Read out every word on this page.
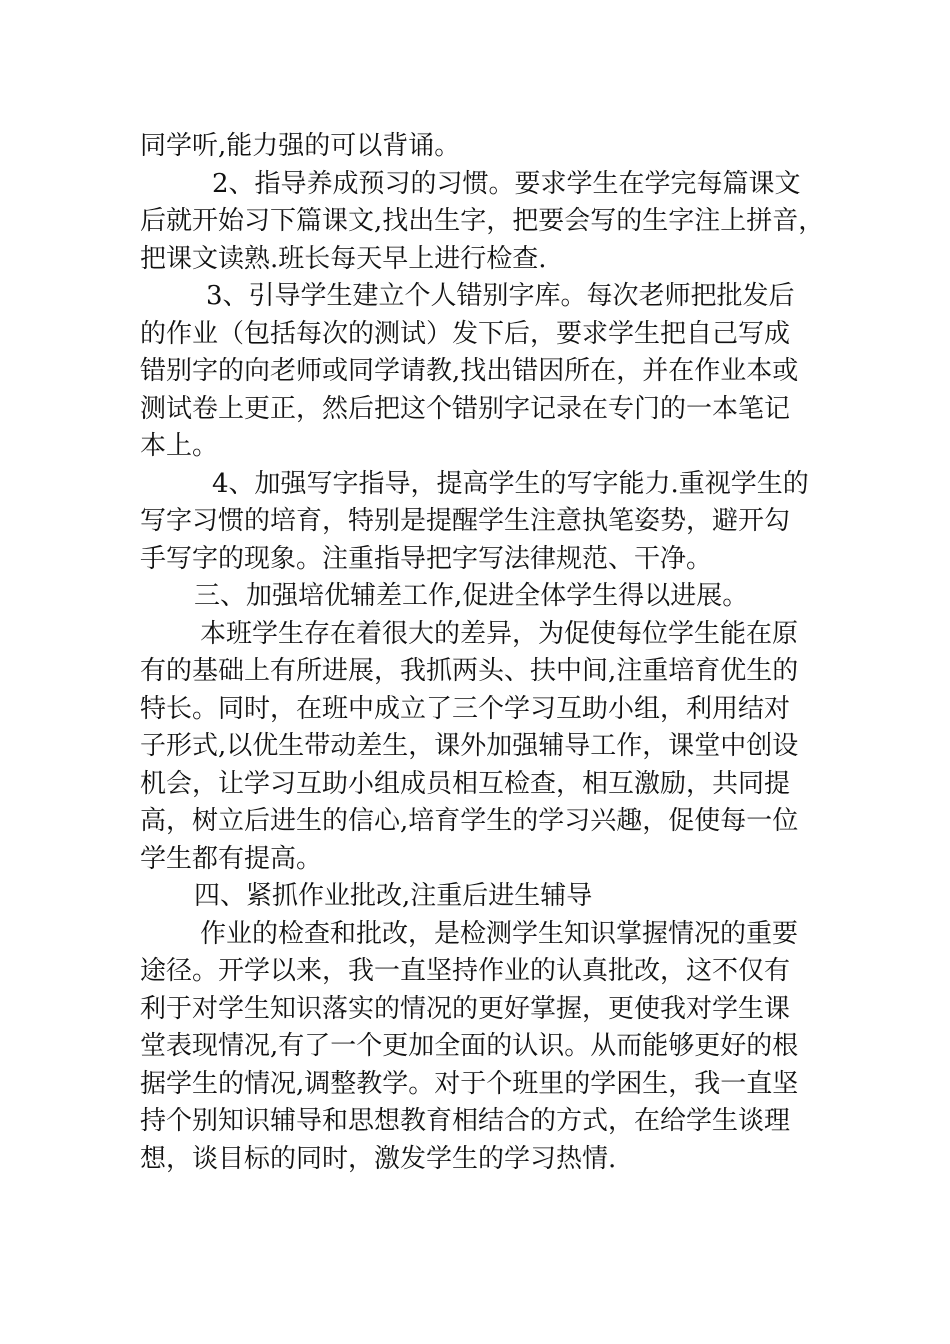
同学听,能力强的可以背诵。
2、指导养成预习的习惯。要求学生在学完每篇课文
后就开始习下篇课文,找出生字，把要会写的生字注上拼音，
把课文读熟.班长每天早上进行检查.
3、引导学生建立个人错别字库。每次老师把批发后
的作业（包括每次的测试）发下后，要求学生把自己写成
错别字的向老师或同学请教,找出错因所在，并在作业本或
测试卷上更正，然后把这个错别字记录在专门的一本笔记
本上。
4、加强写字指导，提高学生的写字能力.重视学生的
写字习惯的培育，特别是提醒学生注意执笔姿势，避开勾
手写字的现象。注重指导把字写法律规范、干净。
三、加强培优辅差工作,促进全体学生得以进展。
本班学生存在着很大的差异，为促使每位学生能在原
有的基础上有所进展，我抓两头、扶中间,注重培育优生的
特长。同时，在班中成立了三个学习互助小组，利用结对
子形式,以优生带动差生，课外加强辅导工作，课堂中创设
机会，让学习互助小组成员相互检查，相互激励，共同提
高，树立后进生的信心,培育学生的学习兴趣，促使每一位
学生都有提高。
四、紧抓作业批改,注重后进生辅导
作业的检查和批改，是检测学生知识掌握情况的重要
途径。开学以来，我一直坚持作业的认真批改，这不仅有
利于对学生知识落实的情况的更好掌握，更使我对学生课
堂表现情况,有了一个更加全面的认识。从而能够更好的根
据学生的情况,调整教学。对于个班里的学困生，我一直坚
持个别知识辅导和思想教育相结合的方式，在给学生谈理
想，谈目标的同时，激发学生的学习热情.
